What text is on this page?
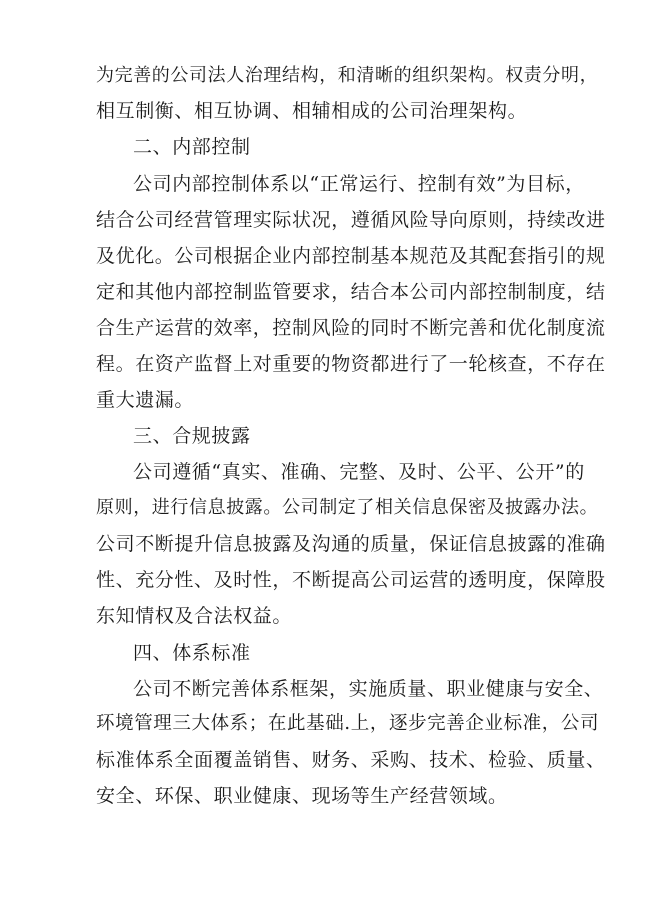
为完善的公司法人治理结构，和清晰的组织架构。权责分明，
相互制衡、相互协调、相辅相成的公司治理架构。
二、内部控制
公司内部控制体系以“正常运行、控制有效”为目标，
结合公司经营管理实际状况，遵循风险导向原则，持续改进
及优化。公司根据企业内部控制基本规范及其配套指引的规
定和其他内部控制监管要求，结合本公司内部控制制度，结
合生产运营的效率，控制风险的同时不断完善和优化制度流
程。在资产监督上对重要的物资都进行了一轮核查，不存在
重大遗漏。
三、合规披露
公司遵循“真实、准确、完整、及时、公平、公开”的
原则，进行信息披露。公司制定了相关信息保密及披露办法。
公司不断提升信息披露及沟通的质量，保证信息披露的准确
性、充分性、及时性，不断提高公司运营的透明度，保障股
东知情权及合法权益。
四、体系标准
公司不断完善体系框架，实施质量、职业健康与安全、
环境管理三大体系；在此基础.上，逐步完善企业标准，公司
标准体系全面覆盖销售、财务、采购、技术、检验、质量、
安全、环保、职业健康、现场等生产经营领域。
